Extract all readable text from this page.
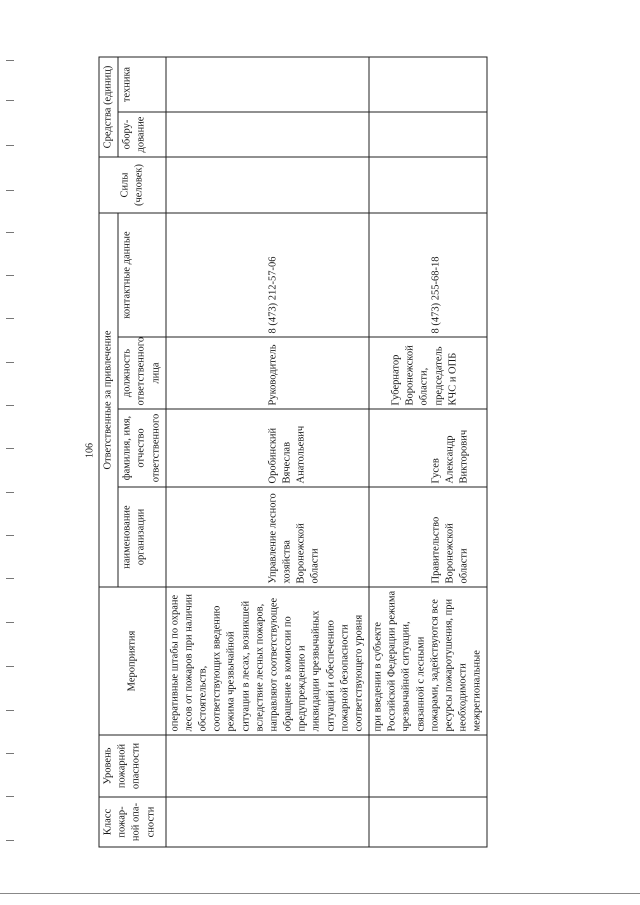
106
Класс пожар-ной опа-сности	Уровень пожарной опасности	Мероприятия	Ответственные за привлечение				Силы (человек)	Средства (единиц)	
			наименование организации	фамилия, имя, отчество ответственного	должность ответственного лица	контактные данные		обору-дование	техника
		оперативные штабы по охране лесов от пожаров при наличии обстоятельств, соответствующих введению режима чрезвычайной ситуации в лесах, возникшей вследствие лесных пожаров, направляют соответствующее обращение в комиссии по предупреждению и ликвидации чрезвычайных ситуаций и обеспечению пожарной безопасности соответствующего уровня	Управление лесного хозяйства Воронежской области	Оробинский Вячеслав Анатольевич	Руководитель	8 (473) 212-57-06			
		при введении в субъекте Российской Федерации режима чрезвычайной ситуации, связанной с лесными пожарами, задействуются все ресурсы пожаротушения, при необходимости межрегиональные	Правительство Воронежской области	Гусев Александр Викторович	Губернатор Воронежской области, председатель КЧС и ОПБ	8 (473) 255-68-18			
